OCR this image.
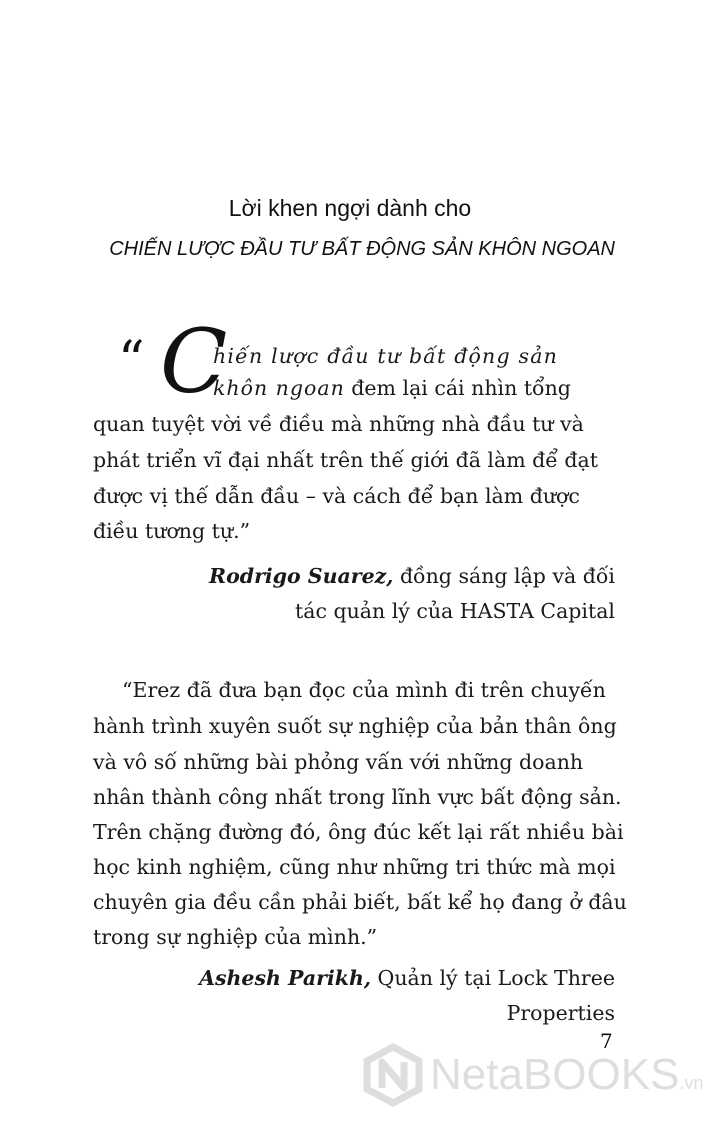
Lời khen ngợi dành cho
CHIẾN LƯỢC ĐẦU TƯ BẤT ĐỘNG SẢN KHÔN NGOAN
“ C
hiến lược đầu tư bất động sản
khôn ngoan đem lại cái nhìn tổng
quan tuyệt vời về điều mà những nhà đầu tư và
phát triển vĩ đại nhất trên thế giới đã làm để đạt
được vị thế dẫn đầu – và cách để bạn làm được
điều tương tự.”
Rodrigo Suarez, đồng sáng lập và đối
tác quản lý của HASTA Capital
“Erez đã đưa bạn đọc của mình đi trên chuyến
hành trình xuyên suốt sự nghiệp của bản thân ông
và vô số những bài phỏng vấn với những doanh
nhân thành công nhất trong lĩnh vực bất động sản.
Trên chặng đường đó, ông đúc kết lại rất nhiều bài
học kinh nghiệm, cũng như những tri thức mà mọi
chuyên gia đều cần phải biết, bất kể họ đang ở đâu
trong sự nghiệp của mình.”
Ashesh Parikh, Quản lý tại Lock Three
Properties
NetaBOOKS.vn
7
